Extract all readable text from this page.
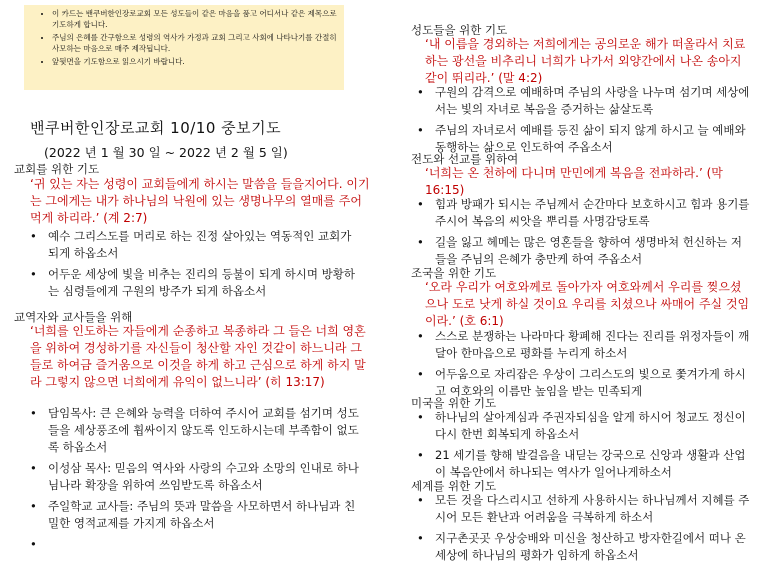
• 이 카드는 밴쿠버한인장로교회 모든 성도들이 같은 마음을 품고 어디서나 같은 제목으로 기도하게 합니다.
• 주님의 은혜를 간구함으로 성령의 역사가 가정과 교회 그리고 사회에 나타나기를 간절히 사모하는 마음으로 매주 제작됩니다.
• 앞뒷면을 기도함으로 읽으시기 바랍니다.
밴쿠버한인장로교회 10/10 중보기도
(2022 년 1 월 30 일 ~ 2022 년 2 월 5 일)
교회를 위한 기도
‘귀 있는 자는 성령이 교회들에게 하시는 말씀을 들을지어다. 이기는 그에게는 내가 하나님의 낙원에 있는 생명나무의 열매를 주어 먹게 하리라.’ (계 2:7)
• 예수 그리스도를 머리로 하는 진정 살아있는 역동적인 교회가 되게 하옵소서
• 어두운 세상에 빛을 비추는 진리의 등불이 되게 하시며 방황하는 심령들에게 구원의 방주가 되게 하옵소서
교역자와 교사들을 위해
‘너희를 인도하는 자들에게 순종하고 복종하라 그 들은 너희 영혼을 위하여 경성하기를 자신들이 청산할 자인 것같이 하느니라 그들로 하여금 즐거움으로 이것을 하게 하고 근심으로 하게 하지 말라 그렇지 않으면 너희에게 유익이 없느니라’ (히 13:17)
• 담임목사: 큰 은혜와 능력을 더하여 주시어 교회를 섬기며 성도들을 세상풍조에 휩싸이지 않도록 인도하시는데 부족함이 없도록 하옵소서
• 이성삼 목사: 믿음의 역사와 사랑의 수고와 소망의 인내로 하나님나라 확장을 위하여 쓰임받도록 하옵소서
• 주일학교 교사들: 주님의 뜻과 말씀을 사모하면서 하나님과 친밀한 영적교제를 가지게 하옵소서
•
성도들을 위한 기도
‘내 이름을 경외하는 저희에게는 공의로운 해가 떠올라서 치료하는 광선을 비추리니 너희가 나가서 외양간에서 나온 송아지 같이 뛰리라.’ (말 4:2)
• 구원의 감격으로 예배하며 주님의 사랑을 나누며 섬기며 세상에서는 빛의 자녀로 복음을 증거하는 삶살도록
• 주님의 자녀로서 예배를 등진 삶이 되지 않게 하시고 늘 예배와 동행하는 삶으로 인도하여 주옵소서
전도와 선교를 위하여
‘너희는 온 천하에 다니며 만민에게 복음을 전파하라.’ (막 16:15)
• 힘과 방패가 되시는 주님께서 순간마다 보호하시고 힘과 용기를 주시어 복음의 씨앗을 뿌리를 사명감당토록
• 길을 잃고 헤메는 많은 영혼들을 향하여 생명바쳐 헌신하는 저들을 주님의 은혜가 충만케 하여 주옵소서
조국을 위한 기도
‘오라 우리가 여호와께로 돌아가자 여호와께서 우리를 찢으셨으나 도로 낫게 하실 것이요 우리를 치셨으나 싸매어 주실 것임이라.’ (호 6:1)
• 스스로 분쟁하는 나라마다 황폐해 진다는 진리를 위정자들이 깨달아 한마음으로 평화를 누리게 하소서
• 어두움으로 자리잡은 우상이 그리스도의 빛으로 쫓겨가게 하시고 여호와의 이름만 높임을 받는 민족되게
미국을 위한 기도
• 하나님의 살아계심과 주권자되심을 알게 하시어 청교도 정신이 다시 한번 회복되게 하옵소서
• 21 세기를 향해 발걸음을 내딛는 강국으로 신앙과 생활과 산업이 복음안에서 하나되는 역사가 일어나게하소서
세계를 위한 기도
• 모든 것을 다스리시고 선하게 사용하시는 하나님께서 지혜를 주시어 모든 환난과 어려움을 극복하게 하소서
• 지구촌곳곳 우상숭배와 미신을 청산하고 방자한길에서 떠나 온세상에 하나님의 평화가 임하게 하옵소서
